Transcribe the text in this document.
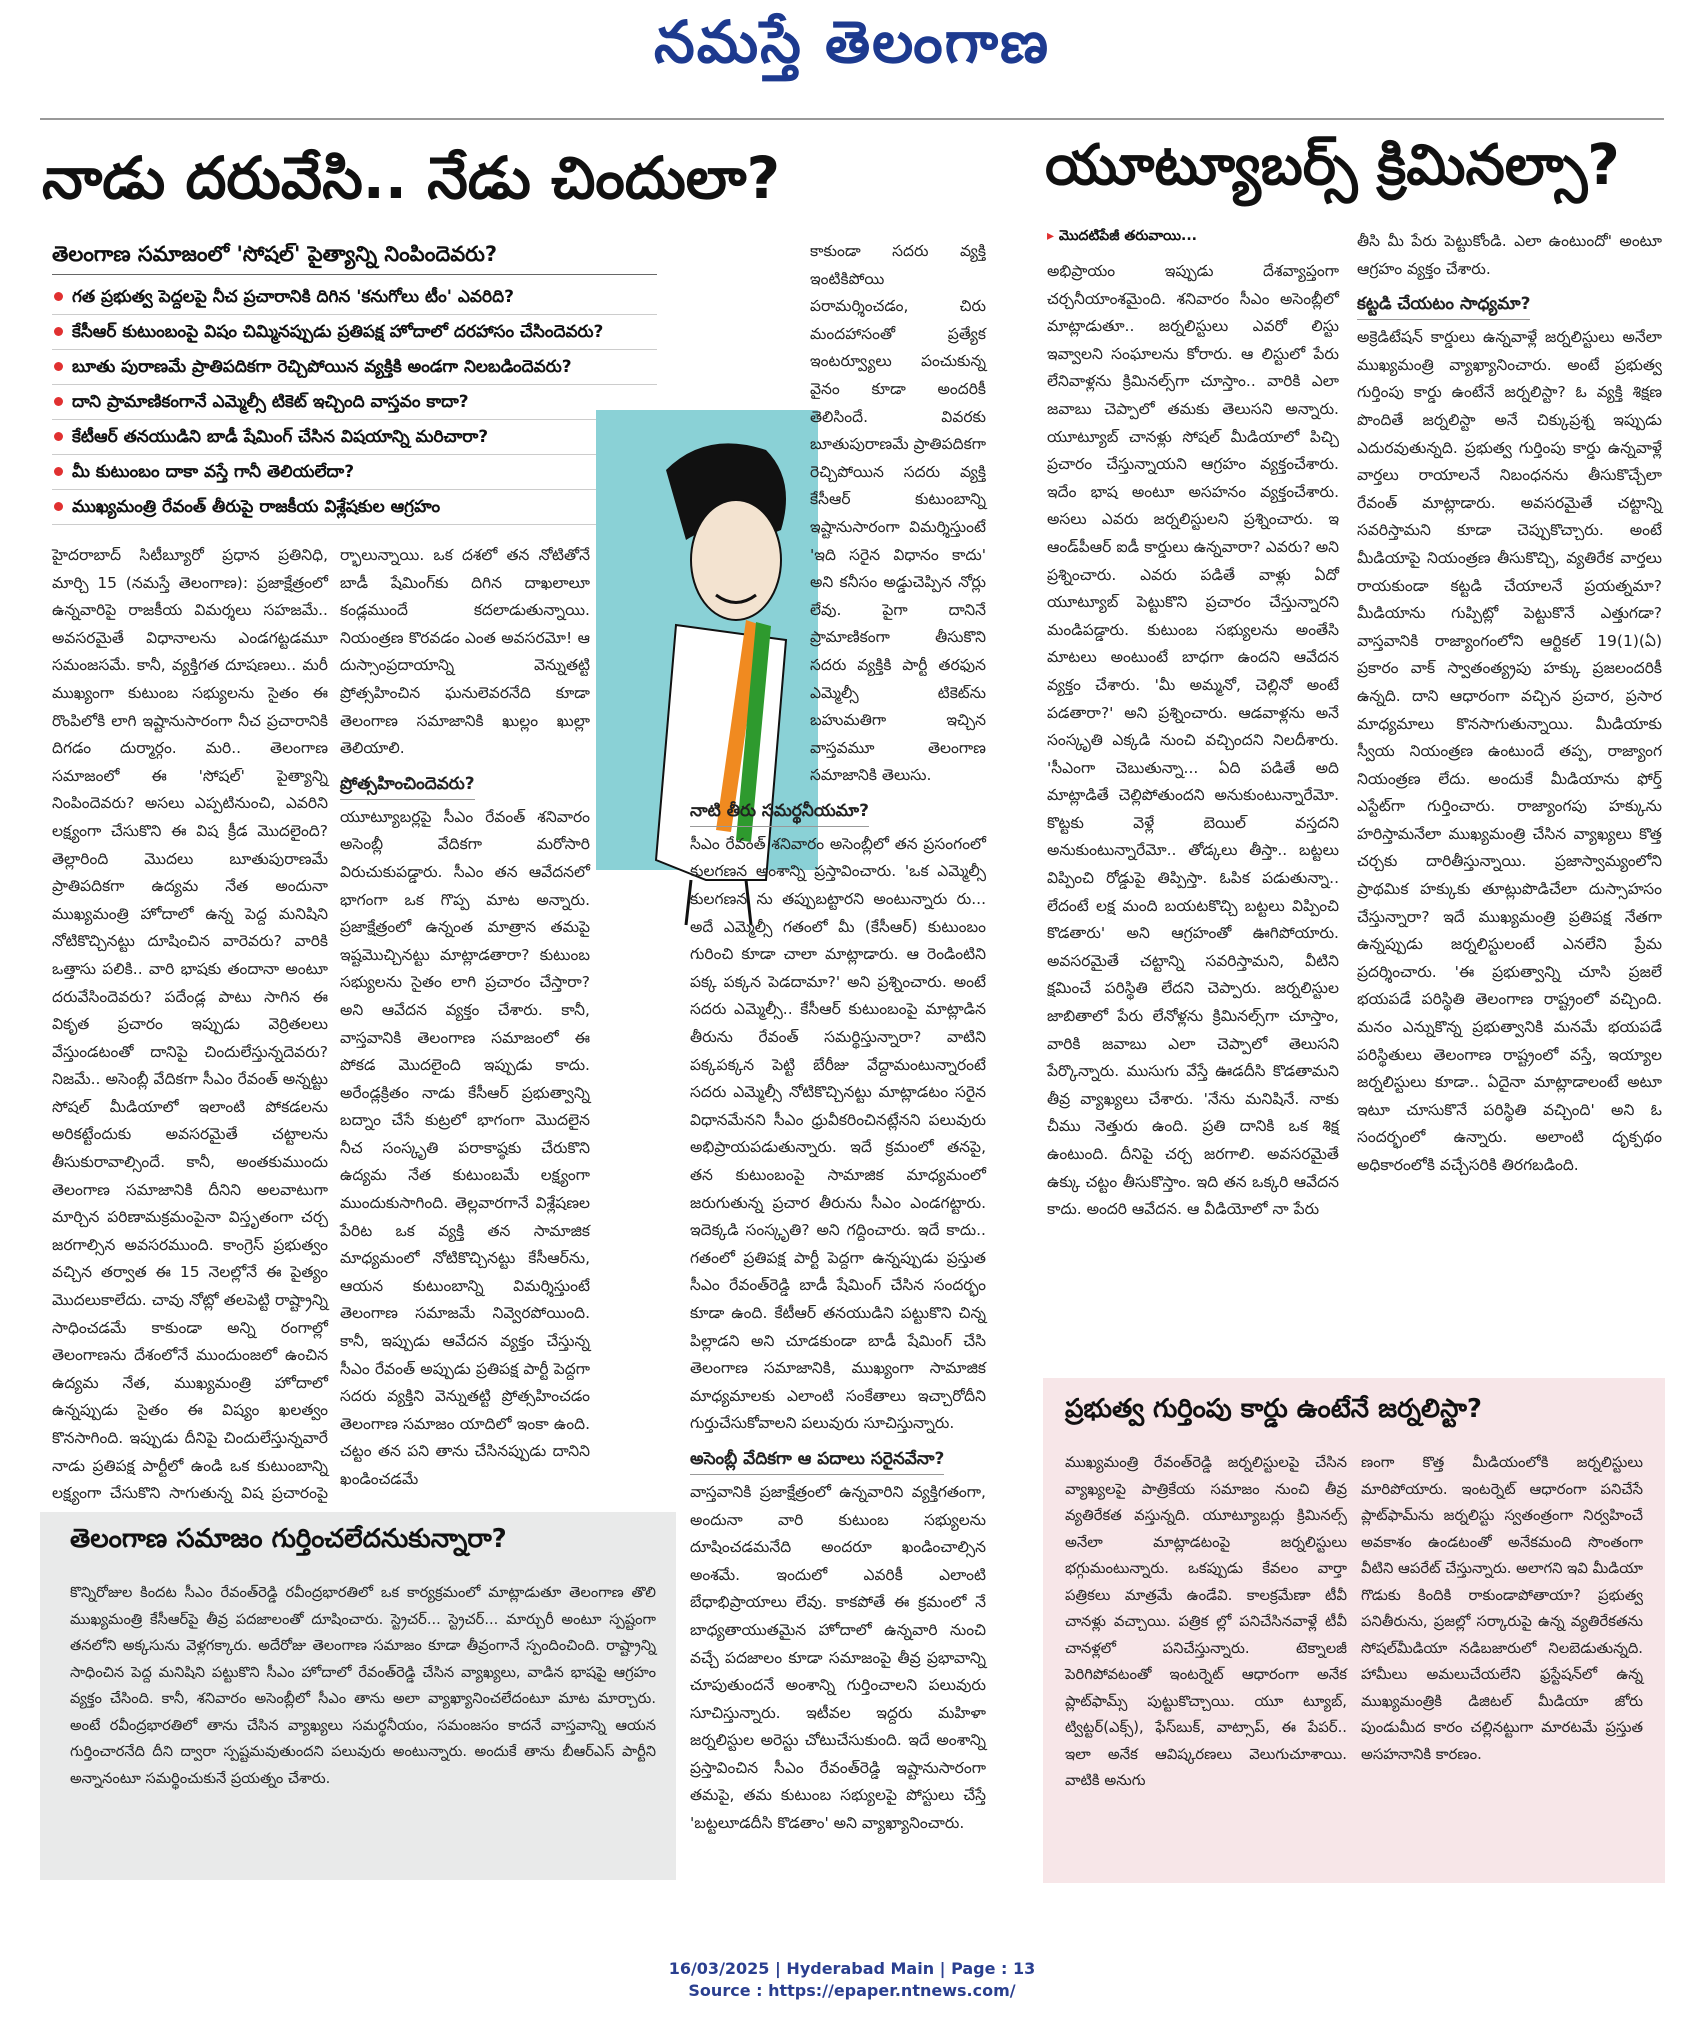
నమస్తే తెలంగాణ
నాడు దరువేసి.. నేడు చిందులా?	యూట్యూబర్స్ క్రిమినల్సా?
తెలంగాణ సమాజంలో 'సోషల్' పైత్యాన్ని నింపిందెవరు?
గత ప్రభుత్వ పెద్దలపై నీచ ప్రచారానికి దిగిన 'కనుగోలు టీం' ఎవరిది?
కేసీఆర్ కుటుంబంపై విషం చిమ్మినప్పుడు ప్రతిపక్ష హోదాలో దరహాసం చేసిందెవరు?
బూతు పురాణమే ప్రాతిపదికగా రెచ్చిపోయిన వ్యక్తికి అండగా నిలబడిందెవరు?
దాని ప్రామాణికంగానే ఎమ్మెల్సీ టికెట్ ఇచ్చింది వాస్తవం కాదా?
కేటీఆర్ తనయుడిని బాడీ షేమింగ్ చేసిన విషయాన్ని మరిచారా?
మీ కుటుంబం దాకా వస్తే గానీ తెలియలేదా?
ముఖ్యమంత్రి రేవంత్ తీరుపై రాజకీయ విశ్లేషకుల ఆగ్రహం

హైదరాబాద్ సిటీబ్యూరో ప్రధాన ప్రతినిధి, మార్చి 15 (నమస్తే తెలంగాణ): ప్రజాక్షేత్రంలో ఉన్నవారిపై రాజకీయ విమర్శలు సహజమే.. అవసరమైతే విధానాలను ఎండగట్టడమూ సమంజసమే. కానీ, వ్యక్తిగత దూషణలు.. మరీ ముఖ్యంగా కుటుంబ సభ్యులను సైతం ఈ రొంపిలోకి లాగి ఇష్టానుసారంగా నీచ ప్రచారానికి దిగడం దుర్మార్గం. మరి.. తెలంగాణ సమాజంలో ఈ 'సోషల్' పైత్యాన్ని నింపిందెవరు? అసలు ఎప్పటినుంచి, ఎవరిని లక్ష్యంగా చేసుకొని ఈ విష క్రీడ మొదలైంది? తెల్లారింది మొదలు బూతుపురాణమే ప్రాతిపదికగా ఉద్యమ నేత అందునా ముఖ్యమంత్రి హోదాలో ఉన్న పెద్ద మనిషిని నోటికొచ్చినట్టు దూషించిన వారెవరు? వారికి ఒత్తాసు పలికి.. వారి భాషకు తందానా అంటూ దరువేసిందెవరు? పదేండ్ల పాటు సాగిన ఈ వికృత ప్రచారం ఇప్పుడు వెర్రితలలు వేస్తుండటంతో దానిపై చిందులేస్తున్నదెవరు? నిజమే.. అసెంబ్లీ వేదికగా సీఎం రేవంత్ అన్నట్టు సోషల్ మీడియాలో ఇలాంటి పోకడలను అరికట్టేందుకు అవసరమైతే చట్టాలను తీసుకురావాల్సిందే. కానీ, అంతకుముందు తెలంగాణ సమాజానికి దీనిని అలవాటుగా మార్చిన పరిణామక్రమంపైనా విస్తృతంగా చర్చ జరగాల్సిన అవసరముంది. కాంగ్రెస్ ప్రభుత్వం వచ్చిన తర్వాత ఈ 15 నెలల్లోనే ఈ పైత్యం మొదలుకాలేదు. చావు నోట్లో తలపెట్టి రాష్ట్రాన్ని సాధించడమే కాకుండా అన్ని రంగాల్లో తెలంగాణను దేశంలోనే ముందుంజలో ఉంచిన ఉద్యమ నేత, ముఖ్యమంత్రి హోదాలో ఉన్నప్పుడు సైతం ఈ విష్యం ఖలత్వం కొనసాగింది. ఇప్పుడు దీనిపై చిందులేస్తున్నవారే నాడు ప్రతిపక్ష పార్టీలో ఉండి ఒక కుటుంబాన్ని లక్ష్యంగా చేసుకొని సాగుతున్న విష ప్రచారంపై

ర్భాలున్నాయి. ఒక దశలో తన నోటితోనే బాడీ షేమింగ్‌కు దిగిన దాఖలాలూ కండ్లముందే కదలాడుతున్నాయి. నియంత్రణ కొరవడం ఎంత అవసరమో! ఆ దుస్సాంప్రదాయాన్ని వెన్నుతట్టి ప్రోత్సహించిన ఘనులెవరనేది కూడా తెలంగాణ సమాజానికి ఖుల్లం ఖుల్లా తెలియాలి.

ప్రోత్సహించిందెవరు?

యూట్యూబర్లపై సీఎం రేవంత్ శనివారం అసెంబ్లీ వేదికగా మరోసారి విరుచుకుపడ్డారు. సీఎం తన ఆవేదనలో భాగంగా ఒక గొప్ప మాట అన్నారు. ప్రజాక్షేత్రంలో ఉన్నంత మాత్రాన తమపై ఇష్టమొచ్చినట్టు మాట్లాడతారా? కుటుంబ సభ్యులను సైతం లాగి ప్రచారం చేస్తారా? అని ఆవేదన వ్యక్తం చేశారు. కానీ, వాస్తవానికి తెలంగాణ సమాజంలో ఈ పోకడ మొదలైంది ఇప్పుడు కాదు. అరేండ్లక్రితం నాడు కేసీఆర్ ప్రభుత్వాన్ని బద్నాం చేసే కుట్రలో భాగంగా మొదలైన నీచ సంస్కృతి పరాకాష్ఠకు చేరుకొని ఉద్యమ నేత కుటుంబమే లక్ష్యంగా ముందుకుసాగింది. తెల్లవారగానే విశ్లేషణల పేరిట ఒక వ్యక్తి తన సామాజిక మాధ్యమంలో నోటికొచ్చినట్టు కేసీఆర్‌ను, ఆయన కుటుంబాన్ని విమర్శిస్తుంటే తెలంగాణ సమాజమే నివ్వెరపోయింది. కానీ, ఇప్పుడు ఆవేదన వ్యక్తం చేస్తున్న సీఎం రేవంత్ అప్పుడు ప్రతిపక్ష పార్టీ పెద్దగా సదరు వ్యక్తిని వెన్నుతట్టి ప్రోత్సహించడం తెలంగాణ సమాజం యాదిలో ఇంకా ఉంది. చట్టం తన పని తాను చేసినప్పుడు దానిని ఖండించడమే

కాకుండా సదరు వ్యక్తి ఇంటికిపోయి పరామర్శించడం, చిరు మందహాసంతో ప్రత్యేక ఇంటర్వ్యూలు పంచుకున్న వైనం కూడా అందరికీ తెలిసిందే. వివరకు బూతుపురాణమే ప్రాతిపదికగా రెచ్చిపోయిన సదరు వ్యక్తి కేసీఆర్ కుటుంబాన్ని ఇష్టానుసారంగా విమర్శిస్తుంటే 'ఇది సరైన విధానం కాదు' అని కనీసం అడ్డుచెప్పిన నోర్లు లేవు. పైగా దానినే ప్రామాణికంగా తీసుకొని సదరు వ్యక్తికి పార్టీ తరఫున ఎమ్మెల్సీ టికెట్‌ను బహుమతిగా ఇచ్చిన వాస్తవమూ తెలంగాణ సమాజానికి తెలుసు.

నాటి తీరు సమర్థనీయమా?

సీఎం రేవంత్ శనివారం అసెంబ్లీలో తన ప్రసంగంలో కులగణన అంశాన్ని ప్రస్తావించారు. 'ఒక ఎమ్మెల్సీ కులగణన ను తప్పుబట్టారని అంటున్నారు రు... అదే ఎమ్మెల్సీ గతంలో మీ (కేసీఆర్) కుటుంబం గురించి కూడా చాలా మాట్లాడారు. ఆ రెండింటిని పక్క పక్కన పెడదామా?' అని ప్రశ్నించారు. అంటే సదరు ఎమ్మెల్సీ.. కేసీఆర్ కుటుంబంపై మాట్లాడిన తీరును రేవంత్ సమర్థిస్తున్నారా? వాటిని పక్కపక్కన పెట్టి బేరీజు వేద్దామంటున్నారంటే సదరు ఎమ్మెల్సీ నోటికొచ్చినట్టు మాట్లాడటం సరైన విధానమేనని సీఎం ధ్రువీకరించినట్లేనని పలువురు అభిప్రాయపడుతున్నారు. ఇదే క్రమంలో తనపై, తన కుటుంబంపై సామాజిక మాధ్యమంలో జరుగుతున్న ప్రచార తీరును సీఎం ఎండగట్టారు. ఇదెక్కడి సంస్కృతి? అని గద్దించారు. ఇదే కాదు.. గతంలో ప్రతిపక్ష పార్టీ పెద్దగా ఉన్నప్పుడు ప్రస్తుత సీఎం రేవంత్‌రెడ్డి బాడీ షేమింగ్ చేసిన సందర్భం కూడా ఉంది. కేటీఆర్ తనయుడిని పట్టుకొని చిన్న పిల్లాడని అని చూడకుండా బాడీ షేమింగ్ చేసి తెలంగాణ సమాజానికి, ముఖ్యంగా సామాజిక మాధ్యమాలకు ఎలాంటి సంకేతాలు ఇచ్చారోదీని గుర్తుచేసుకోవాలని పలువురు సూచిస్తున్నారు.

అసెంబ్లీ వేదికగా ఆ పదాలు సరైనవేనా?

వాస్తవానికి ప్రజాక్షేత్రంలో ఉన్నవారిని వ్యక్తిగతంగా, అందునా వారి కుటుంబ సభ్యులను దూషించడమనేది అందరూ ఖండించాల్సిన అంశమే. ఇందులో ఎవరికీ ఎలాంటి బేధాభిప్రాయాలు లేవు. కాకపోతే ఈ క్రమంలో నే బాధ్యతాయుతమైన హోదాలో ఉన్నవారి నుంచి వచ్చే పదజాలం కూడా సమాజంపై తీవ్ర ప్రభావాన్ని చూపుతుందనే అంశాన్ని గుర్తించాలని పలువురు సూచిస్తున్నారు. ఇటీవల ఇద్దరు మహిళా జర్నలిస్టుల అరెస్టు చోటుచేసుకుంది. ఇదే అంశాన్ని ప్రస్తావించిన సీఎం రేవంత్‌రెడ్డి ఇష్టానుసారంగా తమపై, తమ కుటుంబ సభ్యులపై పోస్టులు చేస్తే 'బట్టలూడదీసి కొడతాం' అని వ్యాఖ్యానించారు.

తెలంగాణ సమాజం గుర్తించలేదనుకున్నారా?
కొన్నిరోజుల కిందట సీఎం రేవంత్‌రెడ్డి రవీంద్రభారతిలో ఒక కార్యక్రమంలో మాట్లాడుతూ తెలంగాణ తొలి ముఖ్యమంత్రి కేసీఆర్‌పై తీవ్ర పదజాలంతో దూషించారు. స్ట్రెచర్... స్ట్రెచర్... మార్చురీ అంటూ స్పష్టంగా తనలోని అక్కసును వెళ్లగక్కారు. అదేరోజు తెలంగాణ సమాజం కూడా తీవ్రంగానే స్పందించింది. రాష్ట్రాన్ని సాధించిన పెద్ద మనిషిని పట్టుకొని సీఎం హోదాలో రేవంత్‌రెడ్డి చేసిన వ్యాఖ్యలు, వాడిన భాషపై ఆగ్రహం వ్యక్తం చేసింది. కానీ, శనివారం అసెంబ్లీలో సీఎం తాను అలా వ్యాఖ్యానించలేదంటూ మాట మార్చారు. అంటే రవీంద్రభారతిలో తాను చేసిన వ్యాఖ్యలు సమర్థనీయం, సమంజసం కాదనే వాస్తవాన్ని ఆయన గుర్తించారనేది దీని ద్వారా స్పష్టమవుతుందని పలువురు అంటున్నారు. అందుకే తాను బీఆర్‌ఎస్ పార్టీని అన్నానంటూ సమర్థించుకునే ప్రయత్నం చేశారు.
▸ మొదటిపేజీ తరువాయి...

అభిప్రాయం ఇప్పుడు దేశవ్యాప్తంగా చర్చనీయాంశమైంది. శనివారం సీఎం అసెంబ్లీలో మాట్లాడుతూ.. జర్నలిస్టులు ఎవరో లిస్టు ఇవ్వాలని సంఘాలను కోరారు. ఆ లిస్టులో పేరు లేనివాళ్లను క్రిమినల్స్‌గా చూస్తాం.. వారికి ఎలా జవాబు చెప్పాలో తమకు తెలుసని అన్నారు. యూట్యూబ్ చానళ్లు సోషల్ మీడియాలో పిచ్చి ప్రచారం చేస్తున్నాయని ఆగ్రహం వ్యక్తంచేశారు. ఇదేం భాష అంటూ అసహనం వ్యక్తంచేశారు. అసలు ఎవరు జర్నలిస్టులని ప్రశ్నించారు. ఇ ఆండ్‌పీఆర్ ఐడీ కార్డులు ఉన్నవారా? ఎవరు? అని ప్రశ్నించారు. ఎవరు పడితే వాళ్లు ఏదో యూట్యూబ్ పెట్టుకొని ప్రచారం చేస్తున్నారని మండిపడ్డారు. కుటుంబ సభ్యులను అంతేసి మాటలు అంటుంటే బాధగా ఉందని ఆవేదన వ్యక్తం చేశారు. 'మీ అమ్మనో, చెల్లినో అంటే పడతారా?' అని ప్రశ్నించారు. ఆడవాళ్లను అనే సంస్కృతి ఎక్కడి నుంచి వచ్చిందని నిలదీశారు. 'సీఎంగా చెబుతున్నా... ఏది పడితే అది మాట్లాడితే చెల్లిపోతుందని అనుకుంటున్నారేమో. కొట్టకు వెళ్లే బెయిల్ వస్తదని అనుకుంటున్నారేమో.. తోడ్కలు తీస్తా.. బట్టలు విప్పించి రోడ్డుపై తిప్పిస్తా. ఓపిక పడుతున్నా.. లేదంటే లక్ష మంది బయటకొచ్చి బట్టలు విప్పించి కొడతారు' అని ఆగ్రహంతో ఊగిపోయారు. అవసరమైతే చట్టాన్ని సవరిస్తామని, వీటిని క్షమించే పరిస్థితి లేదని చెప్పారు. జర్నలిస్టుల జాబితాలో పేరు లేనోళ్లను క్రిమినల్స్‌గా చూస్తాం, వారికి జవాబు ఎలా చెప్పాలో తెలుసని పేర్కొన్నారు. ముసుగు వేస్తే ఊడదీసి కొడతామని తీవ్ర వ్యాఖ్యలు చేశారు. 'నేను మనిషినే. నాకు చీము నెత్తురు ఉంది. ప్రతి దానికి ఒక శిక్ష ఉంటుంది. దీనిపై చర్చ జరగాలి. అవసరమైతే ఉక్కు చట్టం తీసుకొస్తాం. ఇది తన ఒక్కరి ఆవేదన కాదు. అందరి ఆవేదన. ఆ వీడియోలో నా పేరు

తీసి మీ పేరు పెట్టుకోండి. ఎలా ఉంటుందో' అంటూ ఆగ్రహం వ్యక్తం చేశారు.

కట్టడి చేయటం సాధ్యమా?

అక్రెడిటేషన్ కార్డులు ఉన్నవాళ్లే జర్నలిస్టులు అనేలా ముఖ్యమంత్రి వ్యాఖ్యానించారు. అంటే ప్రభుత్వ గుర్తింపు కార్డు ఉంటేనే జర్నలిస్టా? ఓ వ్యక్తి శిక్షణ పొందితే జర్నలిస్టా అనే చిక్కుప్రశ్న ఇప్పుడు ఎదురవుతున్నది. ప్రభుత్వ గుర్తింపు కార్డు ఉన్నవాళ్లే వార్తలు రాయాలనే నిబంధనను తీసుకొచ్చేలా రేవంత్ మాట్లాడారు. అవసరమైతే చట్టాన్ని సవరిస్తామని కూడా చెప్పుకొచ్చారు. అంటే మీడియాపై నియంత్రణ తీసుకొచ్చి, వ్యతిరేక వార్తలు రాయకుండా కట్టడి చేయాలనే ప్రయత్నమా? మీడియాను గుప్పిట్లో పెట్టుకొనే ఎత్తుగడా? వాస్తవానికి రాజ్యాంగంలోని ఆర్టికల్ 19(1)(ఏ) ప్రకారం వాక్ స్వాతంత్య్రపు హక్కు ప్రజలందరికీ ఉన్నది. దాని ఆధారంగా వచ్చిన ప్రచార, ప్రసార మాధ్యమాలు కొనసాగుతున్నాయి. మీడియాకు స్వీయ నియంత్రణ ఉంటుందే తప్ప, రాజ్యాంగ నియంత్రణ లేదు. అందుకే మీడియాను ఫోర్త్ ఎస్టేట్‌గా గుర్తించారు. రాజ్యాంగపు హక్కును హరిస్తామనేలా ముఖ్యమంత్రి చేసిన వ్యాఖ్యలు కొత్త చర్చకు దారితీస్తున్నాయి. ప్రజాస్వామ్యంలోని ప్రాథమిక హక్కుకు తూట్లుపొడిచేలా దుస్సాహసం చేస్తున్నారా? ఇదే ముఖ్యమంత్రి ప్రతిపక్ష నేతగా ఉన్నప్పుడు జర్నలిస్టులంటే ఎనలేని ప్రేమ ప్రదర్శించారు. 'ఈ ప్రభుత్వాన్ని చూసి ప్రజలే భయపడే పరిస్థితి తెలంగాణ రాష్ట్రంలో వచ్చింది. మనం ఎన్నుకొన్న ప్రభుత్వానికి మనమే భయపడే పరిస్థితులు తెలంగాణ రాష్ట్రంలో వస్తే, ఇయ్యాల జర్నలిస్టులు కూడా.. ఏదైనా మాట్లాడాలంటే అటూ ఇటూ చూసుకొనే పరిస్థితి వచ్చింది' అని ఓ సందర్భంలో ఉన్నారు. అలాంటి దృక్పథం అధికారంలోకి వచ్చేసరికి తిరగబడింది.

ప్రభుత్వ గుర్తింపు కార్డు ఉంటేనే జర్నలిస్టా?
ముఖ్యమంత్రి రేవంత్‌రెడ్డి జర్నలిస్టులపై చేసిన వ్యాఖ్యలపై పాత్రికేయ సమాజం నుంచి తీవ్ర వ్యతిరేకత వస్తున్నది. యూట్యూబర్లు క్రిమినల్స్ అనేలా మాట్లాడటంపై జర్నలిస్టులు భగ్గుమంటున్నారు. ఒకప్పుడు కేవలం వార్తా పత్రికలు మాత్రమే ఉండేవి. కాలక్రమేణా టీవీ చానళ్లు వచ్చాయి. పత్రిక ల్లో పనిచేసినవాళ్లే టీవీ చానళ్లలో పనిచేస్తున్నారు. టెక్నాలజీ పెరిగిపోవటంతో ఇంటర్నెట్ ఆధారంగా అనేక ప్లాట్‌ఫామ్స్ పుట్టుకొచ్చాయి. యూ ట్యూబ్, ట్విట్టర్(ఎక్స్), ఫేస్‌బుక్, వాట్సాప్, ఈ పేపర్.. ఇలా అనేక ఆవిష్కరణలు వెలుగుచూశాయి. వాటికి అనుగు
ణంగా కొత్త మీడియంలోకి జర్నలిస్టులు మారిపోయారు. ఇంటర్నెట్ ఆధారంగా పనిచేసే ప్లాట్‌ఫామ్‌ను జర్నలిస్టు స్వతంత్రంగా నిర్వహించే అవకాశం ఉండటంతో అనేకమంది సొంతంగా వీటిని ఆపరేట్ చేస్తున్నారు. అలాగని ఇవి మీడియా గొడుకు కిందికి రాకుండాపోతాయా? ప్రభుత్వ పనితీరును, ప్రజల్లో సర్కారుపై ఉన్న వ్యతిరేకతను సోషల్‌మీడియా నడిబజారులో నిలబెడుతున్నది. హామీలు అమలుచేయలేని ఫ్రస్టేషన్‌లో ఉన్న ముఖ్యమంత్రికి డిజిటల్ మీడియా జోరు పుండుమీద కారం చల్లినట్టుగా మారటమే ప్రస్తుత అసహనానికి కారణం.
16/03/2025 | Hyderabad Main | Page : 13
Source : https://epaper.ntnews.com/
